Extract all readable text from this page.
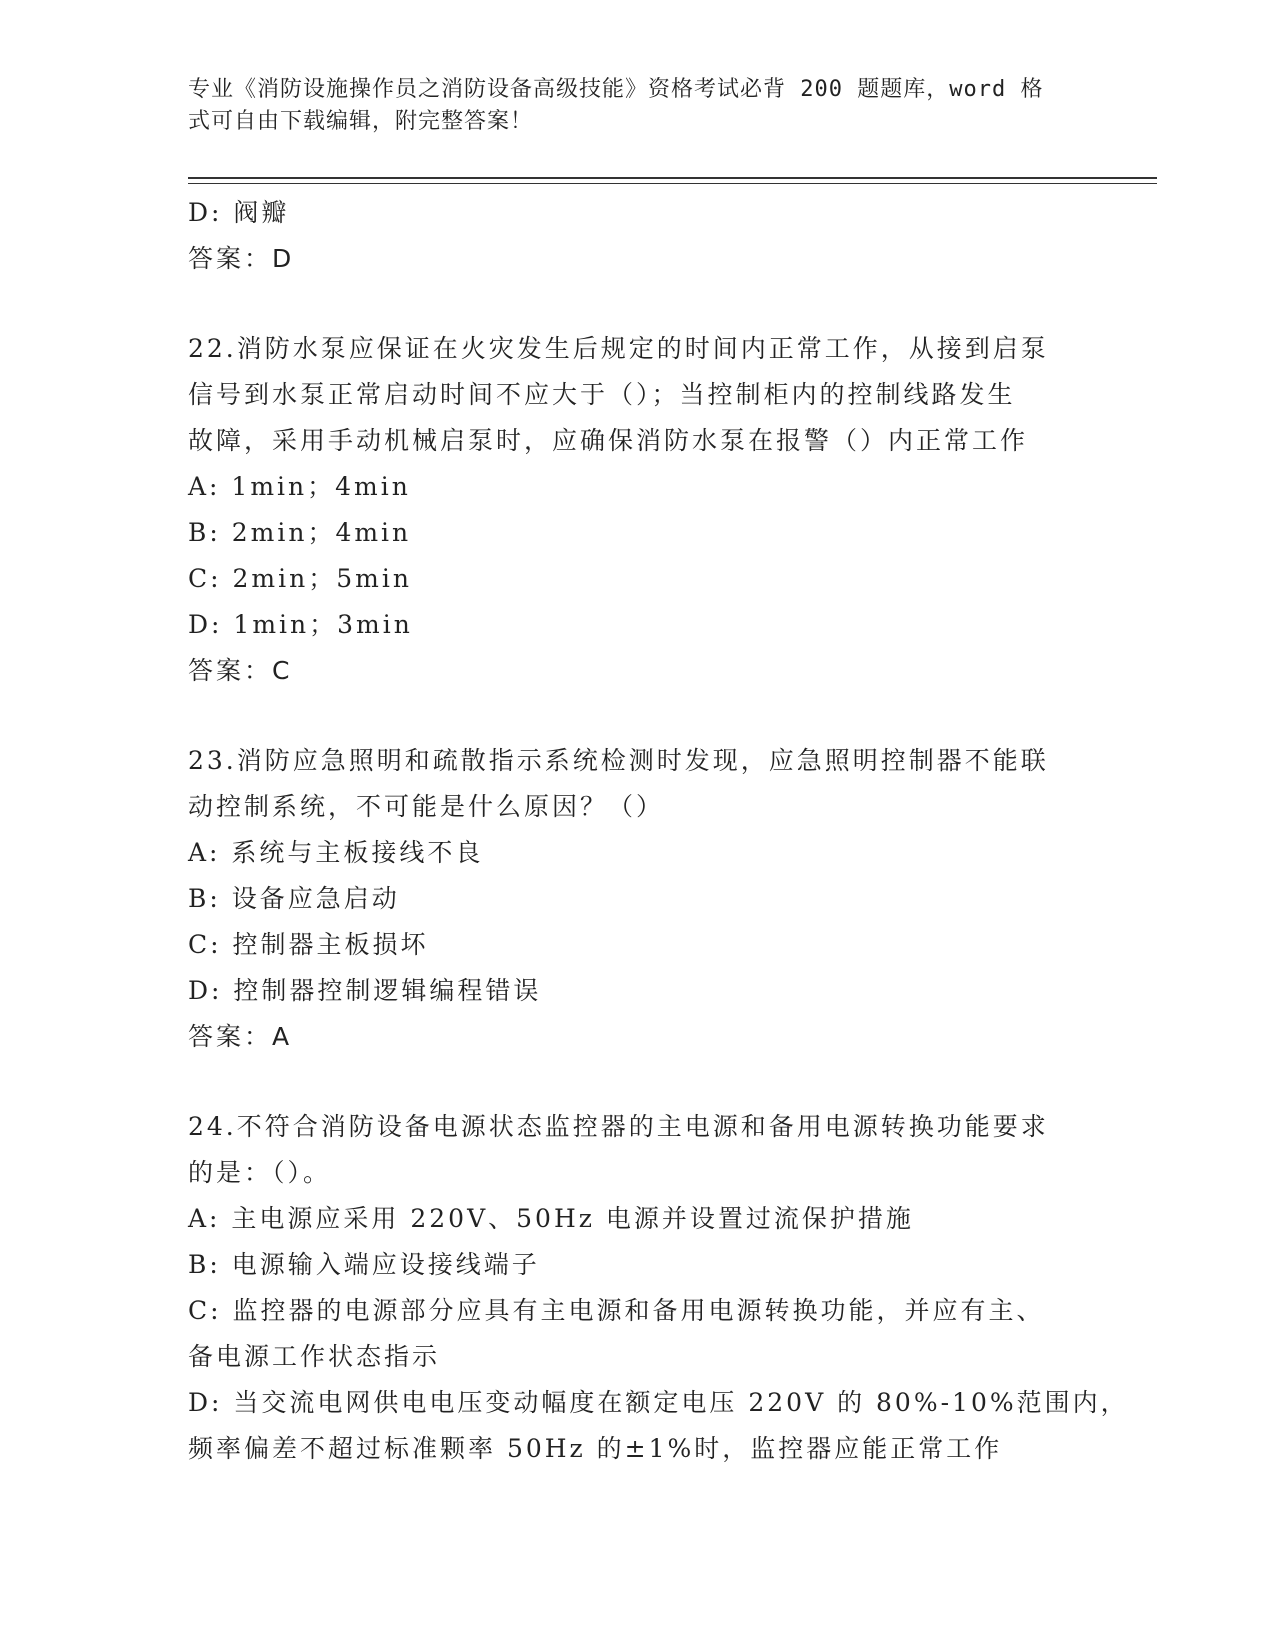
专业《消防设施操作员之消防设备高级技能》资格考试必背 200 题题库，word 格
式可自由下载编辑，附完整答案！
D: 阀瓣
答案：D
22.消防水泵应保证在火灾发生后规定的时间内正常工作，从接到启泵
信号到水泵正常启动时间不应大于（）；当控制柜内的控制线路发生
故障，采用手动机械启泵时，应确保消防水泵在报警（）内正常工作
A: 1min；4min
B: 2min；4min
C: 2min；5min
D: 1min；3min
答案：C
23.消防应急照明和疏散指示系统检测时发现，应急照明控制器不能联
动控制系统，不可能是什么原因？（）
A: 系统与主板接线不良
B: 设备应急启动
C: 控制器主板损坏
D: 控制器控制逻辑编程错误
答案：A
24.不符合消防设备电源状态监控器的主电源和备用电源转换功能要求
的是：（）。
A: 主电源应采用 220V、50Hz 电源并设置过流保护措施
B: 电源输入端应设接线端子
C: 监控器的电源部分应具有主电源和备用电源转换功能，并应有主、
备电源工作状态指示
D: 当交流电网供电电压变动幅度在额定电压 220V 的 80%-10%范围内，
频率偏差不超过标准颗率 50Hz 的±1%时，监控器应能正常工作
